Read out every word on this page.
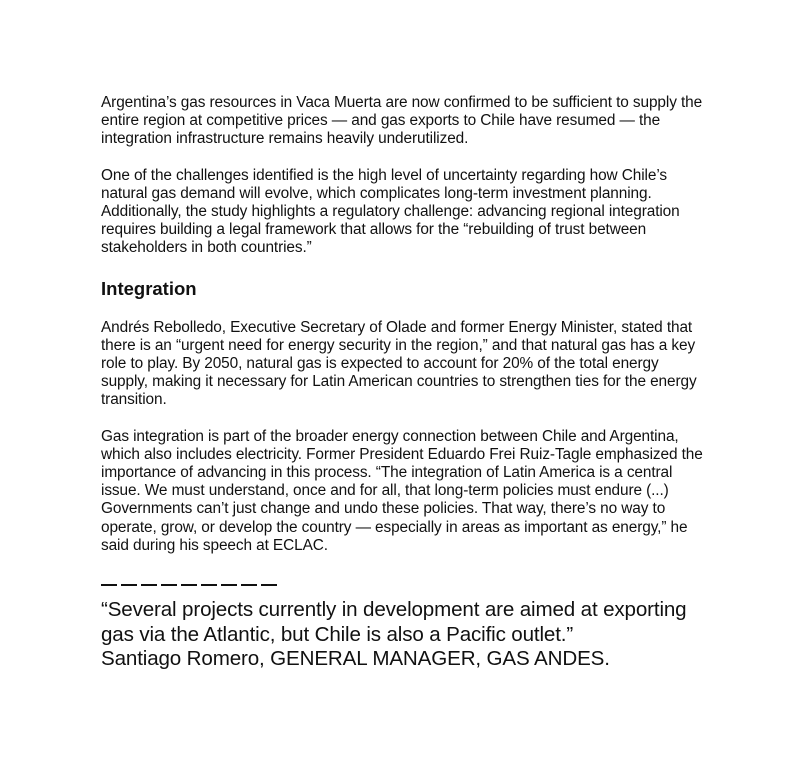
Argentina’s gas resources in Vaca Muerta are now confirmed to be sufficient to supply the entire region at competitive prices — and gas exports to Chile have resumed — the integration infrastructure remains heavily underutilized.

One of the challenges identified is the high level of uncertainty regarding how Chile’s natural gas demand will evolve, which complicates long-term investment planning. Additionally, the study highlights a regulatory challenge: advancing regional integration requires building a legal framework that allows for the “rebuilding of trust between stakeholders in both countries.”

Integration

Andrés Rebolledo, Executive Secretary of Olade and former Energy Minister, stated that there is an “urgent need for energy security in the region,” and that natural gas has a key role to play. By 2050, natural gas is expected to account for 20% of the total energy supply, making it necessary for Latin American countries to strengthen ties for the energy transition.

Gas integration is part of the broader energy connection between Chile and Argentina, which also includes electricity. Former President Eduardo Frei Ruiz-Tagle emphasized the importance of advancing in this process. “The integration of Latin America is a central issue. We must understand, once and for all, that long-term policies must endure (...) Governments can’t just change and undo these policies. That way, there’s no way to operate, grow, or develop the country — especially in areas as important as energy,” he said during his speech at ECLAC.

“Several projects currently in development are aimed at exporting gas via the Atlantic, but Chile is also a Pacific outlet.”

Santiago Romero, GENERAL MANAGER, GAS ANDES.
